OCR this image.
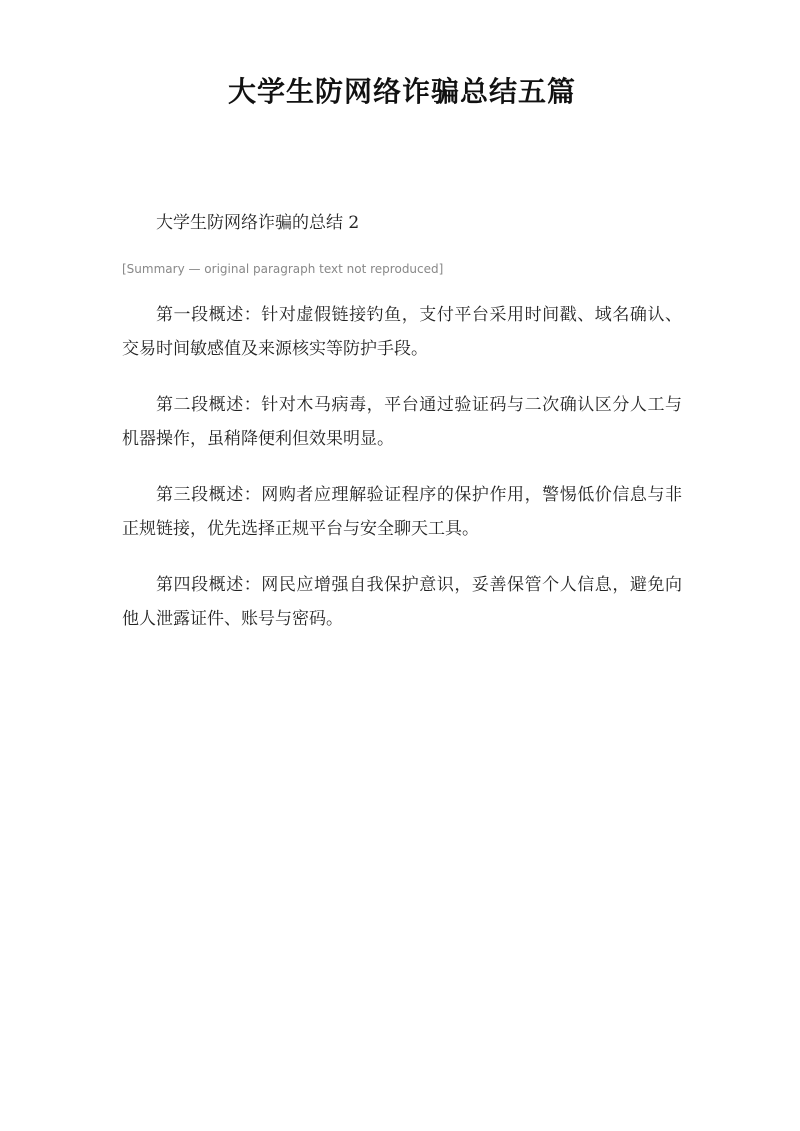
大学生防网络诈骗总结五篇

大学生防网络诈骗的总结 2

[Summary — original paragraph text not reproduced]

第一段概述：针对虚假链接钓鱼，支付平台采用时间戳、域名确认、交易时间敏感值及来源核实等防护手段。

第二段概述：针对木马病毒，平台通过验证码与二次确认区分人工与机器操作，虽稍降便利但效果明显。

第三段概述：网购者应理解验证程序的保护作用，警惕低价信息与非正规链接，优先选择正规平台与安全聊天工具。

第四段概述：网民应增强自我保护意识，妥善保管个人信息，避免向他人泄露证件、账号与密码。
